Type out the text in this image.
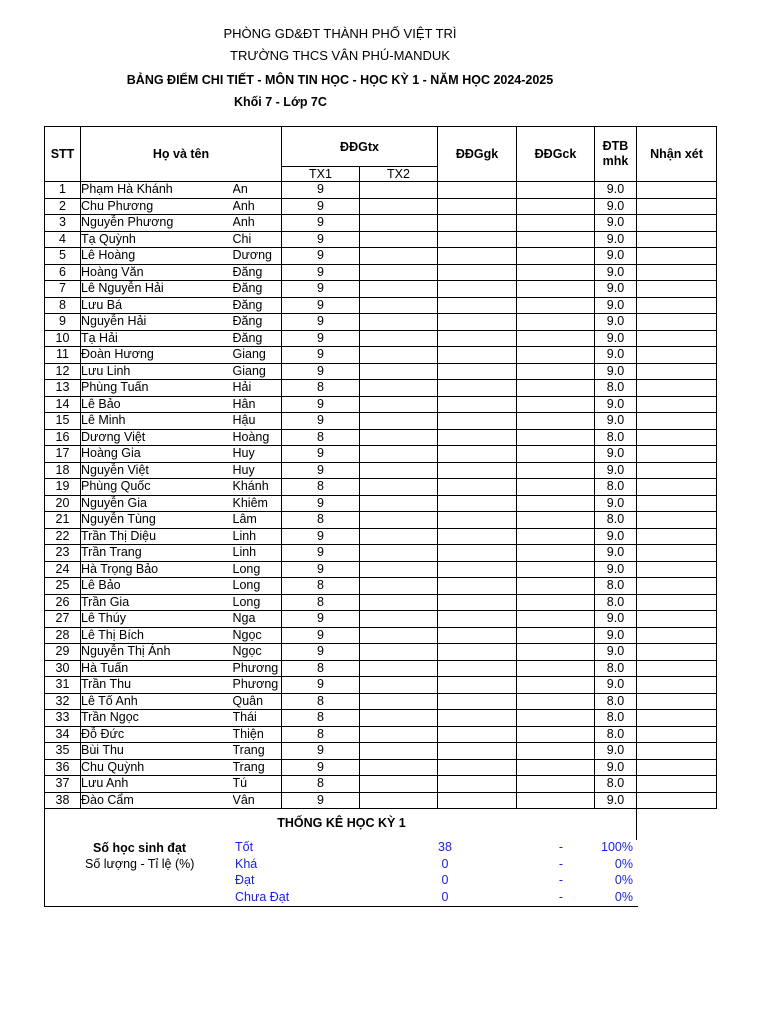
PHÒNG GD&ĐT THÀNH PHỐ VIỆT TRÌ
TRƯỜNG THCS VÂN PHÚ-MANDUK
BẢNG ĐIỂM CHI TIẾT - MÔN TIN HỌC - HỌC KỲ 1 - NĂM HỌC 2024-2025
Khối 7 - Lớp 7C
STT	Họ và tên		ĐĐGtx		ĐĐGgk	ĐĐGck	ĐTB mhk	Nhận xét
			TX1	TX2				
1	Phạm Hà Khánh	An	9				9.0	
2	Chu Phương	Anh	9				9.0	
3	Nguyễn Phương	Anh	9				9.0	
4	Tạ Quỳnh	Chi	9				9.0	
5	Lê Hoàng	Dương	9				9.0	
6	Hoàng Văn	Đăng	9				9.0	
7	Lê Nguyễn Hải	Đăng	9				9.0	
8	Lưu Bá	Đăng	9				9.0	
9	Nguyễn Hải	Đăng	9				9.0	
10	Tạ Hải	Đăng	9				9.0	
11	Đoàn Hương	Giang	9				9.0	
12	Lưu Linh	Giang	9				9.0	
13	Phùng Tuấn	Hải	8				8.0	
14	Lê Bảo	Hân	9				9.0	
15	Lê Minh	Hậu	9				9.0	
16	Dương Việt	Hoàng	8				8.0	
17	Hoàng Gia	Huy	9				9.0	
18	Nguyễn Việt	Huy	9				9.0	
19	Phùng Quốc	Khánh	8				8.0	
20	Nguyễn Gia	Khiêm	9				9.0	
21	Nguyễn Tùng	Lâm	8				8.0	
22	Trần Thị Diệu	Linh	9				9.0	
23	Trần Trang	Linh	9				9.0	
24	Hà Trọng Bảo	Long	9				9.0	
25	Lê Bảo	Long	8				8.0	
26	Trần Gia	Long	8				8.0	
27	Lê Thúy	Nga	9				9.0	
28	Lê Thị Bích	Ngọc	9				9.0	
29	Nguyễn Thị Ánh	Ngọc	9				9.0	
30	Hà Tuấn	Phương	8				8.0	
31	Trần Thu	Phương	9				9.0	
32	Lê Tố Anh	Quân	8				8.0	
33	Trần Ngọc	Thái	8				8.0	
34	Đỗ Đức	Thiện	8				8.0	
35	Bùi Thu	Trang	9				9.0	
36	Chu Quỳnh	Trang	9				9.0	
37	Lưu Anh	Tú	8				8.0	
38	Đào Cẩm	Vân	9				9.0	
THỐNG KÊ HỌC KỲ 1
Số học sinh đạt
Số lượng - Tỉ lệ (%)
Tốt	38	-	100%
Khá	0	-	0%
Đạt	0	-	0%
Chưa Đạt	0	-	0%
